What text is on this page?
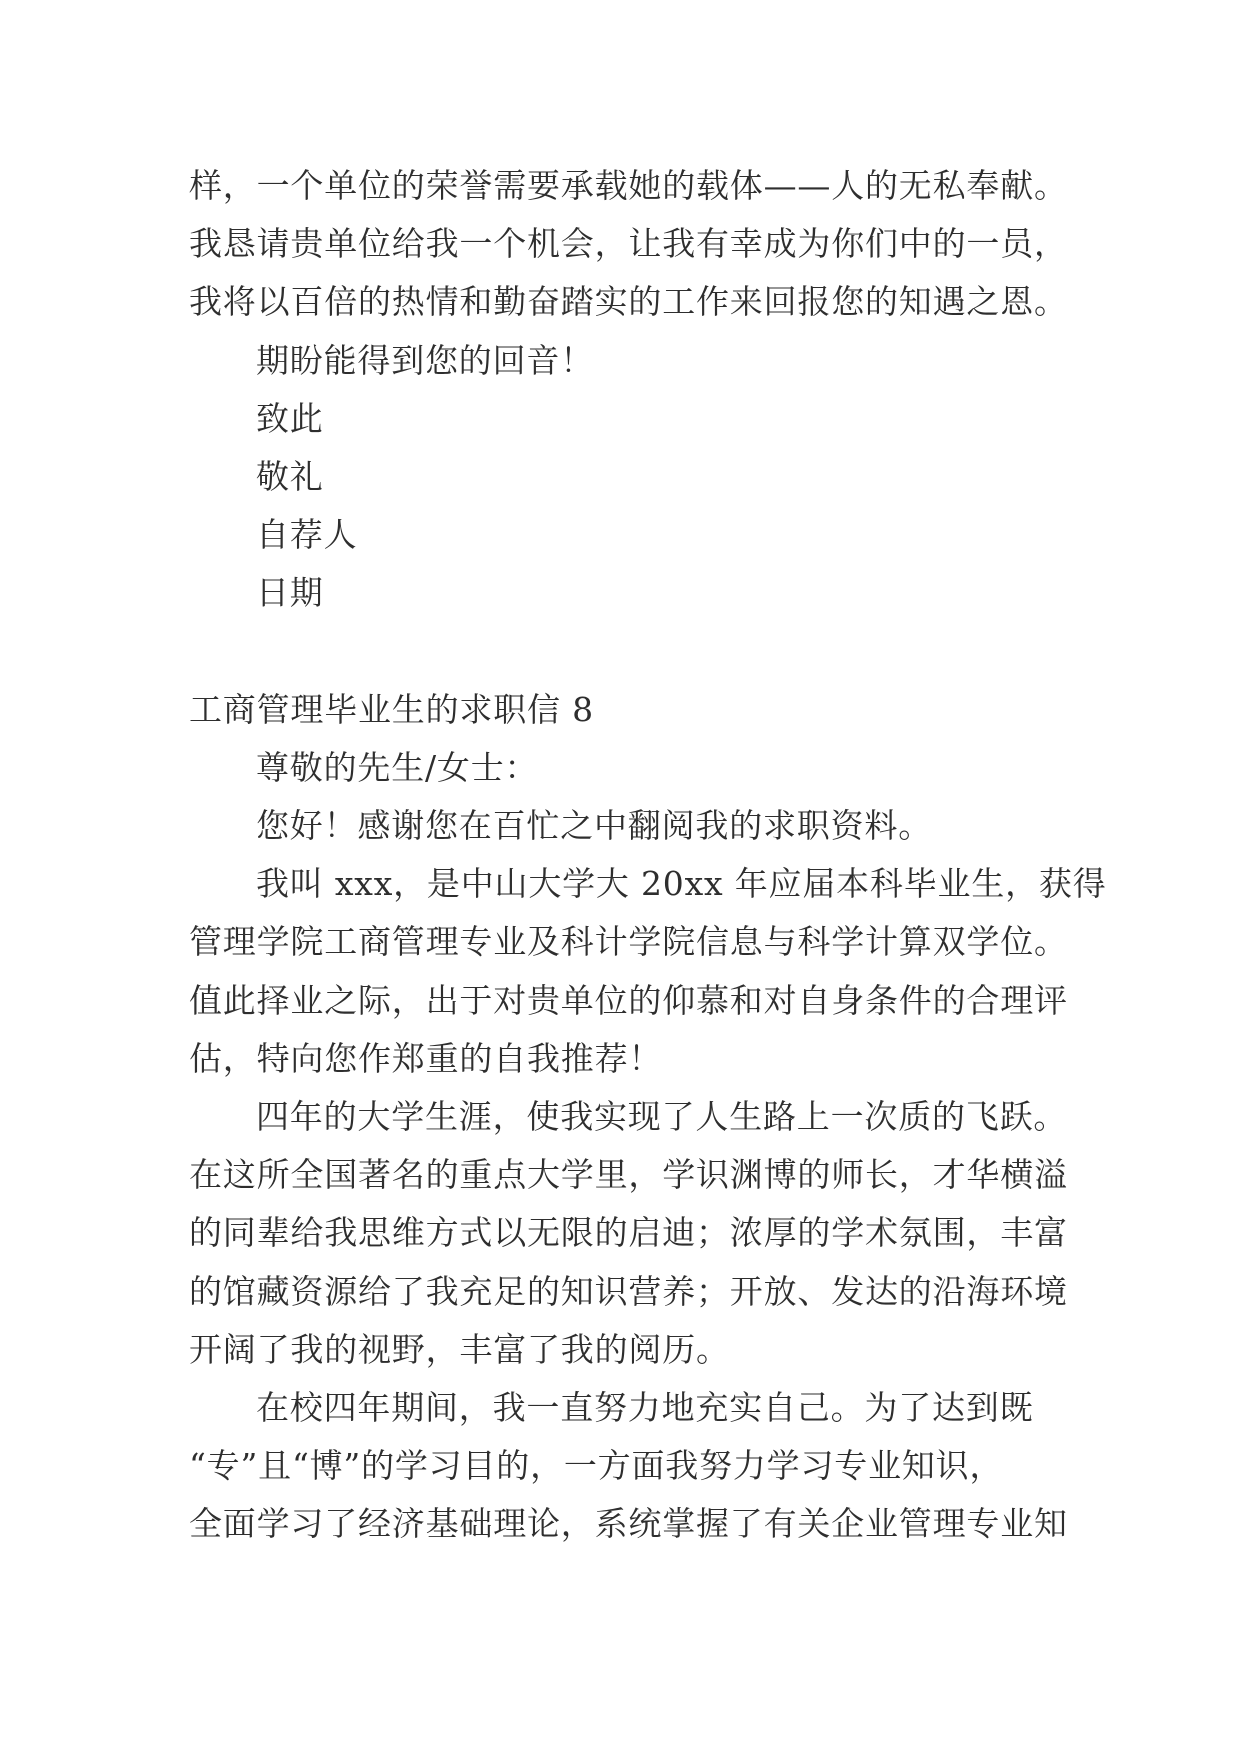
样，一个单位的荣誉需要承载她的载体——人的无私奉献。
我恳请贵单位给我一个机会，让我有幸成为你们中的一员，
我将以百倍的热情和勤奋踏实的工作来回报您的知遇之恩。
期盼能得到您的回音！
致此
敬礼
自荐人
日期
工商管理毕业生的求职信 8
尊敬的先生/女士：
您好！感谢您在百忙之中翻阅我的求职资料。
我叫 xxx，是中山大学大 20xx 年应届本科毕业生，获得
管理学院工商管理专业及科计学院信息与科学计算双学位。
值此择业之际，出于对贵单位的仰慕和对自身条件的合理评
估，特向您作郑重的自我推荐！
四年的大学生涯，使我实现了人生路上一次质的飞跃。
在这所全国著名的重点大学里，学识渊博的师长，才华横溢
的同辈给我思维方式以无限的启迪；浓厚的学术氛围，丰富
的馆藏资源给了我充足的知识营养；开放、发达的沿海环境
开阔了我的视野，丰富了我的阅历。
在校四年期间，我一直努力地充实自己。为了达到既
“专”且“博”的学习目的，一方面我努力学习专业知识，
全面学习了经济基础理论，系统掌握了有关企业管理专业知
